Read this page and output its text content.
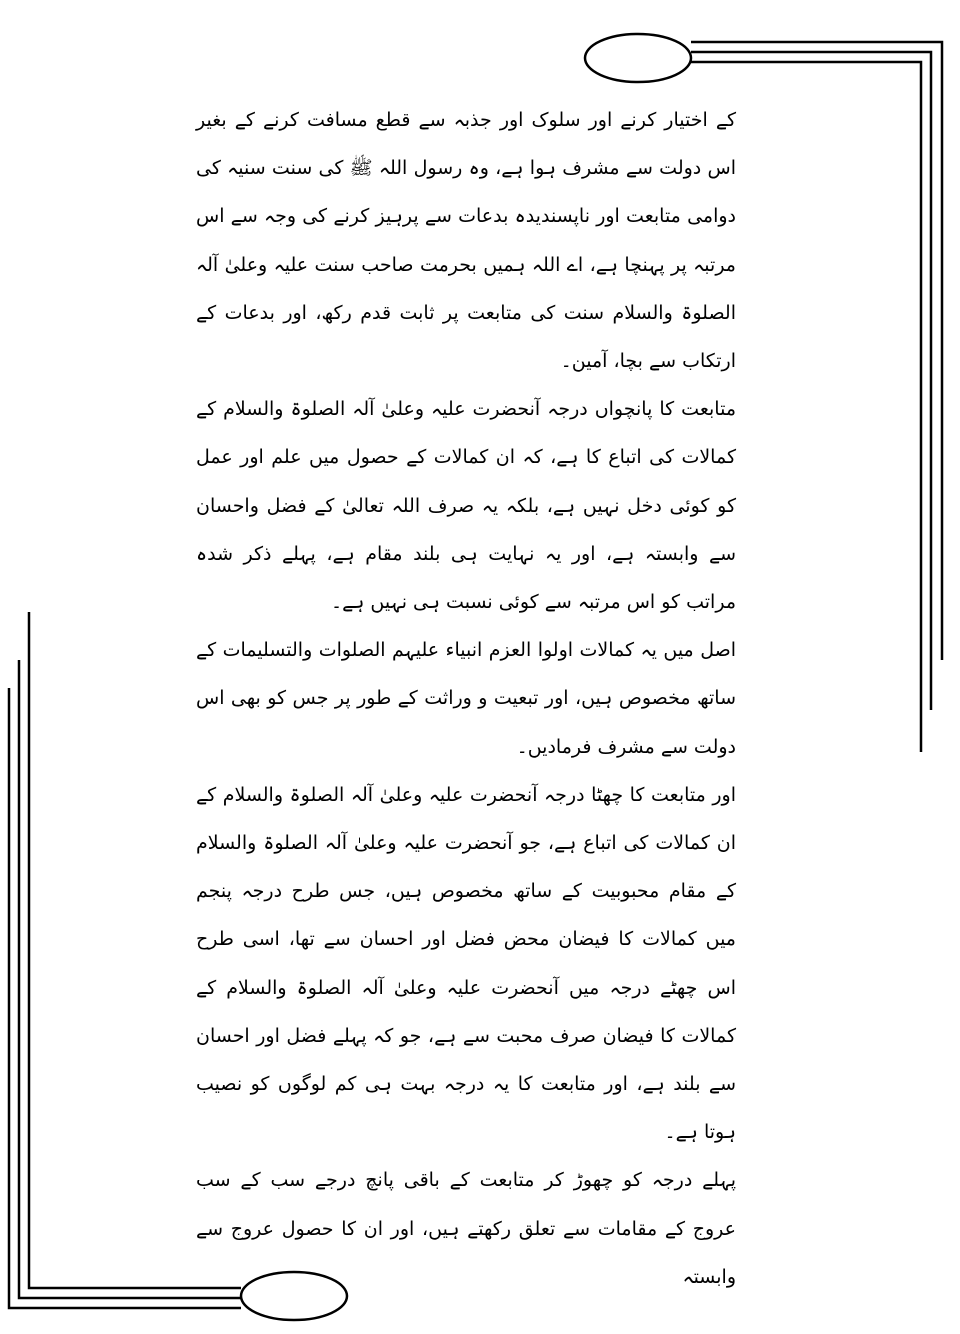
کے اختیار کرنے اور سلوک اور جذبہ سے قطع مسافت کرنے کے بغیر اس دولت سے مشرف ہوا ہے، وہ رسول اللہ ﷺ کی سنت سنیہ کی دوامی متابعت اور ناپسندیدہ بدعات سے پرہیز کرنے کی وجہ سے اس مرتبہ پر پہنچا ہے، اے اللہ ہمیں بحرمت صاحب سنت علیہ وعلیٰ آلہ الصلوۃ والسلام سنت کی متابعت پر ثابت قدم رکھ، اور بدعات کے ارتکاب سے بچا، آمین۔

متابعت کا پانچواں درجہ آنحضرت علیہ وعلیٰ آلہ الصلوۃ والسلام کے کمالات کی اتباع کا ہے، کہ ان کمالات کے حصول میں علم اور عمل کو کوئی دخل نہیں ہے، بلکہ یہ صرف اللہ تعالیٰ کے فضل واحسان سے وابستہ ہے، اور یہ نہایت ہی بلند مقام ہے، پہلے ذکر شدہ مراتب کو اس مرتبہ سے کوئی نسبت ہی نہیں ہے۔

اصل میں یہ کمالات اولوا العزم انبیاء علیہم الصلوات والتسلیمات کے ساتھ مخصوص ہیں، اور تبعیت و وراثت کے طور پر جس کو بھی اس دولت سے مشرف فرمادیں۔

اور متابعت کا چھٹا درجہ آنحضرت علیہ وعلیٰ آلہ الصلوۃ والسلام کے ان کمالات کی اتباع ہے، جو آنحضرت علیہ وعلیٰ آلہ الصلوۃ والسلام کے مقام محبوبیت کے ساتھ مخصوص ہیں، جس طرح درجہ پنجم میں کمالات کا فیضان محض فضل اور احسان سے تھا، اسی طرح اس چھٹے درجہ میں آنحضرت علیہ وعلیٰ آلہ الصلوۃ والسلام کے کمالات کا فیضان صرف محبت سے ہے، جو کہ پہلے فضل اور احسان سے بلند ہے، اور متابعت کا یہ درجہ بہت ہی کم لوگوں کو نصیب ہوتا ہے۔

پہلے درجہ کو چھوڑ کر متابعت کے باقی پانچ درجے سب کے سب عروج کے مقامات سے تعلق رکھتے ہیں، اور ان کا حصول عروج سے وابستہ
